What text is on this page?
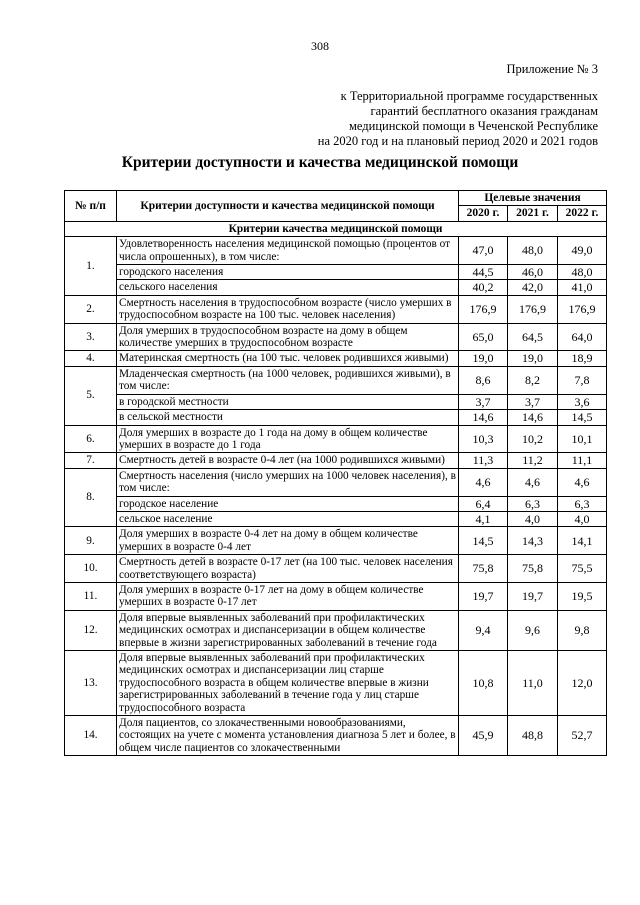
308
Приложение № 3
к Территориальной программе государственных
гарантий бесплатного оказания гражданам
медицинской помощи в Чеченской Республике
на 2020 год и на плановый период 2020 и 2021 годов
Критерии доступности и качества медицинской помощи
№ п/п	Критерии доступности и качества медицинской помощи	Целевые значения		
		2020 г.	2021 г.	2022 г.
Критерии качества медицинской помощи				
1.	Удовлетворенность населения медицинской помощью (процентов от числа опрошенных), в том числе:	47,0	48,0	49,0
	городского населения	44,5	46,0	48,0
	сельского населения	40,2	42,0	41,0
2.	Смертность населения в трудоспособном возрасте (число умерших в трудоспособном возрасте на 100 тыс. человек населения)	176,9	176,9	176,9
3.	Доля умерших в трудоспособном возрасте на дому в общем количестве умерших в трудоспособном возрасте	65,0	64,5	64,0
4.	Материнская смертность (на 100 тыс. человек родившихся живыми)	19,0	19,0	18,9
5.	Младенческая смертность (на 1000 человек, родившихся живыми), в том числе:	8,6	8,2	7,8
	в городской местности	3,7	3,7	3,6
	в сельской местности	14,6	14,6	14,5
6.	Доля умерших в возрасте до 1 года на дому в общем количестве умерших в возрасте до 1 года	10,3	10,2	10,1
7.	Смертность детей в возрасте 0-4 лет (на 1000 родившихся живыми)	11,3	11,2	11,1
8.	Смертность населения (число умерших на 1000 человек населения), в том числе:	4,6	4,6	4,6
	городское население	6,4	6,3	6,3
	сельское население	4,1	4,0	4,0
9.	Доля умерших в возрасте 0-4 лет на дому в общем количестве умерших в возрасте 0-4 лет	14,5	14,3	14,1
10.	Смертность детей в возрасте 0-17 лет (на 100 тыс. человек населения соответствующего возраста)	75,8	75,8	75,5
11.	Доля умерших в возрасте 0-17 лет на дому в общем количестве умерших в возрасте 0-17 лет	19,7	19,7	19,5
12.	Доля впервые выявленных заболеваний при профилактических медицинских осмотрах и диспансеризации в общем количестве впервые в жизни зарегистрированных заболеваний в течение года	9,4	9,6	9,8
13.	Доля впервые выявленных заболеваний при профилактических медицинских осмотрах и диспансеризации лиц старше трудоспособного возраста в общем количестве впервые в жизни зарегистрированных заболеваний в течение года у лиц старше трудоспособного возраста	10,8	11,0	12,0
14.	Доля пациентов, со злокачественными новообразованиями, состоящих на учете с момента установления диагноза 5 лет и более, в общем числе пациентов со злокачественными	45,9	48,8	52,7
